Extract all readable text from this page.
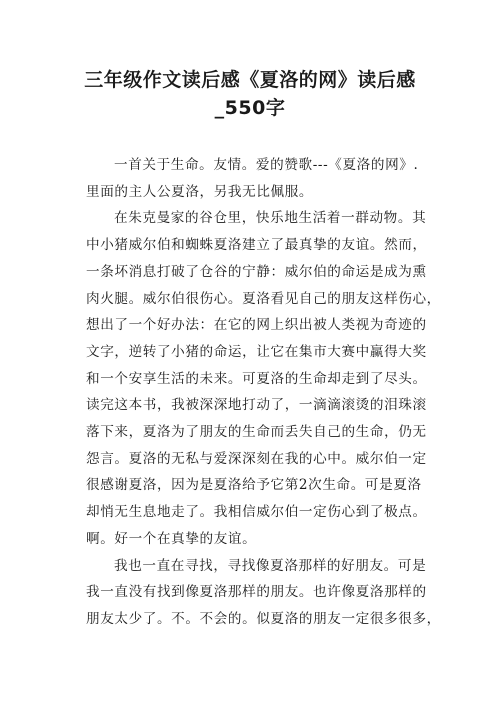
三年级作文读后感《夏洛的网》读后感
_550字
一首关于生命。友情。爱的赞歌---《夏洛的网》.
里面的主人公夏洛，另我无比佩服。
在朱克曼家的谷仓里，快乐地生活着一群动物。其
中小猪威尔伯和蜘蛛夏洛建立了最真挚的友谊。然而，
一条坏消息打破了仓谷的宁静：威尔伯的命运是成为熏
肉火腿。威尔伯很伤心。夏洛看见自己的朋友这样伤心，
想出了一个好办法：在它的网上织出被人类视为奇迹的
文字，逆转了小猪的命运，让它在集市大赛中赢得大奖
和一个安享生活的未来。可夏洛的生命却走到了尽头。
读完这本书，我被深深地打动了，一滴滴滚烫的泪珠滚
落下来，夏洛为了朋友的生命而丢失自己的生命，仍无
怨言。夏洛的无私与爱深深刻在我的心中。威尔伯一定
很感谢夏洛，因为是夏洛给予它第2次生命。可是夏洛
却悄无生息地走了。我相信威尔伯一定伤心到了极点。
啊。好一个在真挚的友谊。
我也一直在寻找，寻找像夏洛那样的好朋友。可是
我一直没有找到像夏洛那样的朋友。也许像夏洛那样的
朋友太少了。不。不会的。似夏洛的朋友一定很多很多，
